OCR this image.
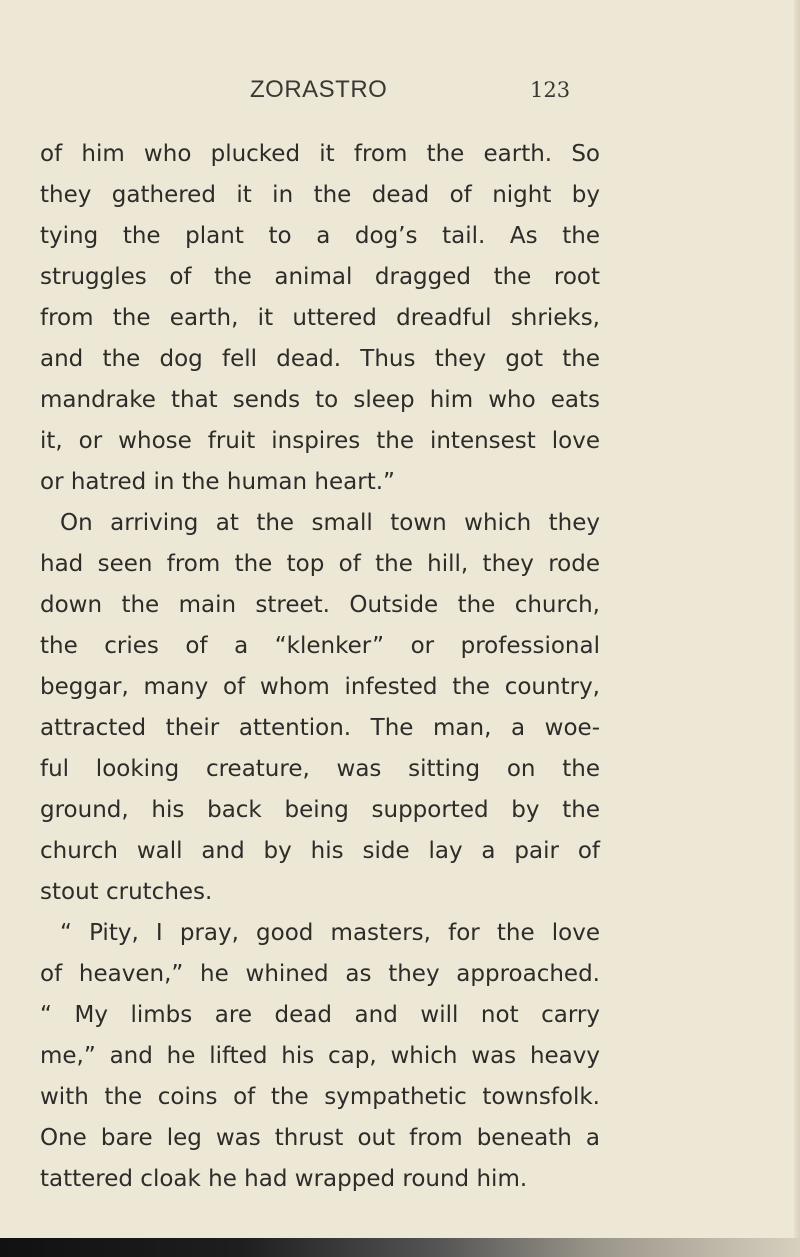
ZORASTRO	123
of him who plucked it from the earth. So
they gathered it in the dead of night by
tying the plant to a dog’s tail. As the
struggles of the animal dragged the root
from the earth, it uttered dreadful shrieks,
and the dog fell dead. Thus they got the
mandrake that sends to sleep him who eats
it, or whose fruit inspires the intensest love
or hatred in the human heart.”
On arriving at the small town which they
had seen from the top of the hill, they rode
down the main street. Outside the church,
the cries of a “klenker” or professional
beggar, many of whom infested the country,
attracted their attention. The man, a woe-
ful looking creature, was sitting on the
ground, his back being supported by the
church wall and by his side lay a pair of
stout crutches.
“ Pity, I pray, good masters, for the love
of heaven,” he whined as they approached.
“ My limbs are dead and will not carry
me,” and he lifted his cap, which was heavy
with the coins of the sympathetic townsfolk.
One bare leg was thrust out from beneath a
tattered cloak he had wrapped round him.
